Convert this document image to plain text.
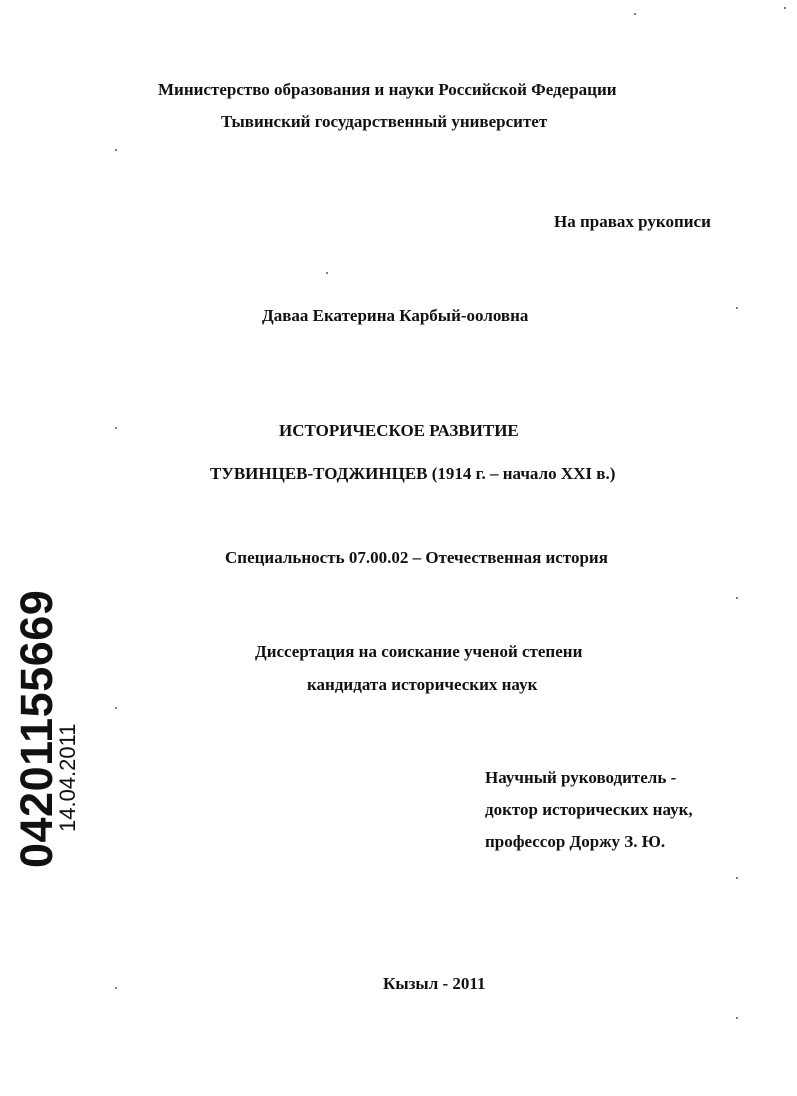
Министерство образования и науки Российской Федерации
Тывинский государственный университет
На правах рукописи
Даваа Екатерина Карбый-ооловна
ИСТОРИЧЕСКОЕ РАЗВИТИЕ
ТУВИНЦЕВ-ТОДЖИНЦЕВ (1914 г. – начало XXI в.)
Специальность 07.00.02 – Отечественная история
Диссертация на соискание ученой степени
кандидата исторических наук
Научный руководитель -
доктор исторических наук,
профессор Доржу З. Ю.
Кызыл - 2011
04201155669
14.04.2011
